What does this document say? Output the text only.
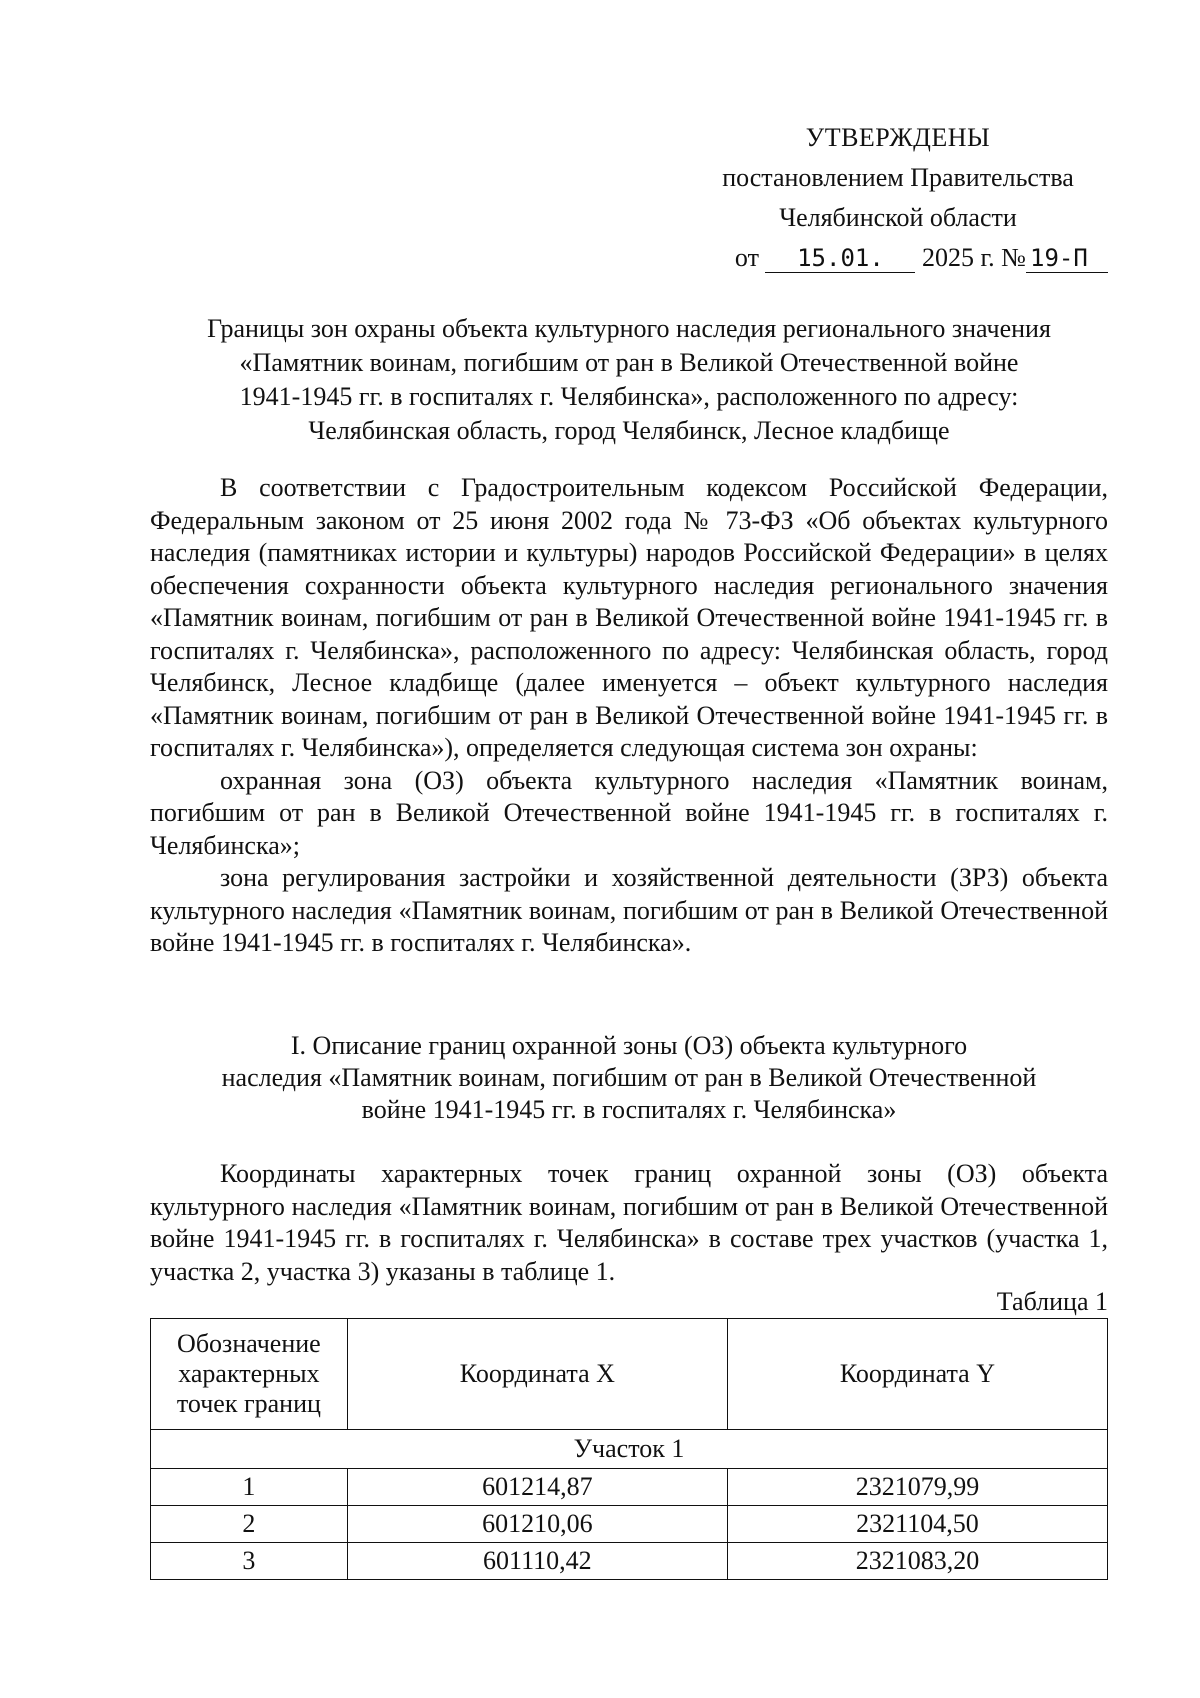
УТВЕРЖДЕНЫ
постановлением Правительства
Челябинской области
от 15.01. 2025 г. № 19-П
Границы зон охраны объекта культурного наследия регионального значения
«Памятник воинам, погибшим от ран в Великой Отечественной войне
1941-1945 гг. в госпиталях г. Челябинска», расположенного по адресу:
Челябинская область, город Челябинск, Лесное кладбище

В соответствии с Градостроительным кодексом Российской Федерации, Федеральным законом от 25 июня 2002 года № 73-ФЗ «Об объектах культурного наследия (памятниках истории и культуры) народов Российской Федерации» в целях обеспечения сохранности объекта культурного наследия регионального значения «Памятник воинам, погибшим от ран в Великой Отечественной войне 1941-1945 гг. в госпиталях г. Челябинска», расположенного по адресу: Челябинская область, город Челябинск, Лесное кладбище (далее именуется – объект культурного наследия «Памятник воинам, погибшим от ран в Великой Отечественной войне 1941-1945 гг. в госпиталях г. Челябинска»), определяется следующая система зон охраны:

охранная зона (ОЗ) объекта культурного наследия «Памятник воинам, погибшим от ран в Великой Отечественной войне 1941-1945 гг. в госпиталях г. Челябинска»;

зона регулирования застройки и хозяйственной деятельности (ЗРЗ) объекта культурного наследия «Памятник воинам, погибшим от ран в Великой Отечественной войне 1941-1945 гг. в госпиталях г. Челябинска».

I. Описание границ охранной зоны (ОЗ) объекта культурного
наследия «Памятник воинам, погибшим от ран в Великой Отечественной
войне 1941-1945 гг. в госпиталях г. Челябинска»

Координаты характерных точек границ охранной зоны (ОЗ) объекта культурного наследия «Памятник воинам, погибшим от ран в Великой Отечественной войне 1941-1945 гг. в госпиталях г. Челябинска» в составе трех участков (участка 1, участка 2, участка 3) указаны в таблице 1.

Таблица 1
Обозначение характерных точек границ	Координата X	Координата Y
Участок 1		
1	601214,87	2321079,99
2	601210,06	2321104,50
3	601110,42	2321083,20
